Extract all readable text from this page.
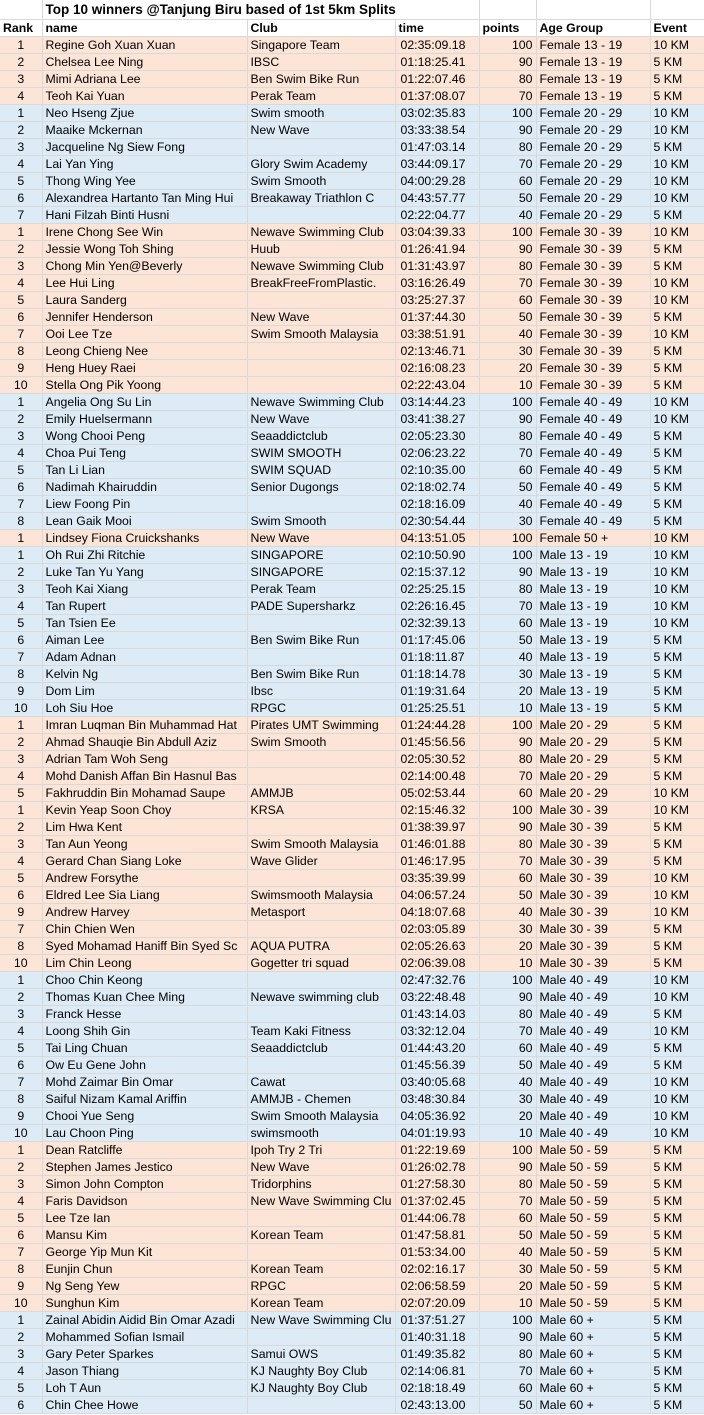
	Top 10 winners @Tanjung Biru based of 1st 5km Splits					
Rank	name	Club	time	points	Age Group	Event
1	Regine Goh Xuan Xuan	Singapore Team	02:35:09.18	100	Female 13 - 19	10 KM
2	Chelsea Lee Ning	IBSC	01:18:25.41	90	Female 13 - 19	5 KM
3	Mimi Adriana Lee	Ben Swim Bike Run	01:22:07.46	80	Female 13 - 19	5 KM
4	Teoh Kai Yuan	Perak Team	01:37:08.07	70	Female 13 - 19	5 KM
1	Neo Hseng Zjue	Swim smooth	03:02:35.83	100	Female 20 - 29	10 KM
2	Maaike Mckernan	New Wave	03:33:38.54	90	Female 20 - 29	10 KM
3	Jacqueline Ng Siew Fong		01:47:03.14	80	Female 20 - 29	5 KM
4	Lai Yan Ying	Glory Swim Academy	03:44:09.17	70	Female 20 - 29	10 KM
5	Thong Wing Yee	Swim Smooth	04:00:29.28	60	Female 20 - 29	10 KM
6	Alexandrea Hartanto Tan Ming Hui	Breakaway Triathlon C	04:43:57.77	50	Female 20 - 29	10 KM
7	Hani Filzah Binti Husni		02:22:04.77	40	Female 20 - 29	5 KM
1	Irene Chong See Win	Newave Swimming Club	03:04:39.33	100	Female 30 - 39	10 KM
2	Jessie Wong Toh Shing	Huub	01:26:41.94	90	Female 30 - 39	5 KM
3	Chong Min Yen@Beverly	Newave Swimming Club	01:31:43.97	80	Female 30 - 39	5 KM
4	Lee Hui Ling	BreakFreeFromPlastic.	03:16:26.49	70	Female 30 - 39	10 KM
5	Laura Sanderg		03:25:27.37	60	Female 30 - 39	10 KM
6	Jennifer Henderson	New Wave	01:37:44.30	50	Female 30 - 39	5 KM
7	Ooi Lee Tze	Swim Smooth Malaysia	03:38:51.91	40	Female 30 - 39	10 KM
8	Leong Chieng Nee		02:13:46.71	30	Female 30 - 39	5 KM
9	Heng Huey Raei		02:16:08.23	20	Female 30 - 39	5 KM
10	Stella Ong Pik Yoong		02:22:43.04	10	Female 30 - 39	5 KM
1	Angelia Ong Su Lin	Newave Swimming Club	03:14:44.23	100	Female 40 - 49	10 KM
2	Emily Huelsermann	New Wave	03:41:38.27	90	Female 40 - 49	10 KM
3	Wong Chooi Peng	Seaaddictclub	02:05:23.30	80	Female 40 - 49	5 KM
4	Choa Pui Teng	SWIM SMOOTH	02:06:23.22	70	Female 40 - 49	5 KM
5	Tan Li Lian	SWIM SQUAD	02:10:35.00	60	Female 40 - 49	5 KM
6	Nadimah Khairuddin	Senior Dugongs	02:18:02.74	50	Female 40 - 49	5 KM
7	Liew Foong Pin		02:18:16.09	40	Female 40 - 49	5 KM
8	Lean Gaik Mooi	Swim Smooth	02:30:54.44	30	Female 40 - 49	5 KM
1	Lindsey Fiona Cruickshanks	New Wave	04:13:51.05	100	Female 50 +	10 KM
1	Oh Rui Zhi Ritchie	SINGAPORE	02:10:50.90	100	Male 13 - 19	10 KM
2	Luke Tan Yu Yang	SINGAPORE	02:15:37.12	90	Male 13 - 19	10 KM
3	Teoh Kai Xiang	Perak Team	02:25:25.15	80	Male 13 - 19	10 KM
4	Tan Rupert	PADE Supersharkz	02:26:16.45	70	Male 13 - 19	10 KM
5	Tan Tsien Ee		02:32:39.13	60	Male 13 - 19	10 KM
6	Aiman Lee	Ben Swim Bike Run	01:17:45.06	50	Male 13 - 19	5 KM
7	Adam Adnan		01:18:11.87	40	Male 13 - 19	5 KM
8	Kelvin Ng	Ben Swim Bike Run	01:18:14.78	30	Male 13 - 19	5 KM
9	Dom Lim	Ibsc	01:19:31.64	20	Male 13 - 19	5 KM
10	Loh Siu Hoe	RPGC	01:25:25.51	10	Male 13 - 19	5 KM
1	Imran Luqman Bin Muhammad Hat	Pirates UMT Swimming	01:24:44.28	100	Male 20 - 29	5 KM
2	Ahmad Shauqie Bin Abdull Aziz	Swim Smooth	01:45:56.56	90	Male 20 - 29	5 KM
3	Adrian Tam Woh Seng		02:05:30.52	80	Male 20 - 29	5 KM
4	Mohd Danish Affan Bin Hasnul Bas		02:14:00.48	70	Male 20 - 29	5 KM
5	Fakhruddin Bin Mohamad Saupe	AMMJB	05:02:53.44	60	Male 20 - 29	10 KM
1	Kevin Yeap Soon Choy	KRSA	02:15:46.32	100	Male 30 - 39	10 KM
2	Lim Hwa Kent		01:38:39.97	90	Male 30 - 39	5 KM
3	Tan Aun Yeong	Swim Smooth Malaysia	01:46:01.88	80	Male 30 - 39	5 KM
4	Gerard Chan Siang Loke	Wave Glider	01:46:17.95	70	Male 30 - 39	5 KM
5	Andrew Forsythe		03:35:39.99	60	Male 30 - 39	10 KM
6	Eldred Lee Sia Liang	Swimsmooth Malaysia	04:06:57.24	50	Male 30 - 39	10 KM
9	Andrew Harvey	Metasport	04:18:07.68	40	Male 30 - 39	10 KM
7	Chin Chien Wen		02:03:05.89	30	Male 30 - 39	5 KM
8	Syed Mohamad Haniff Bin Syed Sc	AQUA PUTRA	02:05:26.63	20	Male 30 - 39	5 KM
10	Lim Chin Leong	Gogetter tri squad	02:06:39.08	10	Male 30 - 39	5 KM
1	Choo Chin Keong		02:47:32.76	100	Male 40 - 49	10 KM
2	Thomas Kuan Chee Ming	Newave swimming club	03:22:48.48	90	Male 40 - 49	10 KM
3	Franck Hesse		01:43:14.03	80	Male 40 - 49	5 KM
4	Loong Shih Gin	Team Kaki Fitness	03:32:12.04	70	Male 40 - 49	10 KM
5	Tai Ling Chuan	Seaaddictclub	01:44:43.20	60	Male 40 - 49	5 KM
6	Ow Eu Gene John		01:45:56.39	50	Male 40 - 49	5 KM
7	Mohd Zaimar Bin Omar	Cawat	03:40:05.68	40	Male 40 - 49	10 KM
8	Saiful Nizam Kamal Ariffin	AMMJB - Chemen	03:48:30.84	30	Male 40 - 49	10 KM
9	Chooi Yue Seng	Swim Smooth Malaysia	04:05:36.92	20	Male 40 - 49	10 KM
10	Lau Choon Ping	swimsmooth	04:01:19.93	10	Male 40 - 49	10 KM
1	Dean Ratcliffe	Ipoh Try 2 Tri	01:22:19.69	100	Male 50 - 59	5 KM
2	Stephen James Jestico	New Wave	01:26:02.78	90	Male 50 - 59	5 KM
3	Simon John Compton	Tridorphins	01:27:58.30	80	Male 50 - 59	5 KM
4	Faris Davidson	New Wave Swimming Clu	01:37:02.45	70	Male 50 - 59	5 KM
5	Lee Tze Ian		01:44:06.78	60	Male 50 - 59	5 KM
6	Mansu Kim	Korean Team	01:47:58.81	50	Male 50 - 59	5 KM
7	George Yip Mun Kit		01:53:34.00	40	Male 50 - 59	5 KM
8	Eunjin Chun	Korean Team	02:02:16.17	30	Male 50 - 59	5 KM
9	Ng Seng Yew	RPGC	02:06:58.59	20	Male 50 - 59	5 KM
10	Sunghun Kim	Korean Team	02:07:20.09	10	Male 50 - 59	5 KM
1	Zainal Abidin Aidid Bin Omar Azadi	New Wave Swimming Clu	01:37:51.27	100	Male 60 +	5 KM
2	Mohammed Sofian Ismail		01:40:31.18	90	Male 60 +	5 KM
3	Gary Peter Sparkes	Samui OWS	01:49:35.82	80	Male 60 +	5 KM
4	Jason Thiang	KJ Naughty Boy Club	02:14:06.81	70	Male 60 +	5 KM
5	Loh T Aun	KJ Naughty Boy Club	02:18:18.49	60	Male 60 +	5 KM
6	Chin Chee Howe		02:43:13.00	50	Male 60 +	5 KM
